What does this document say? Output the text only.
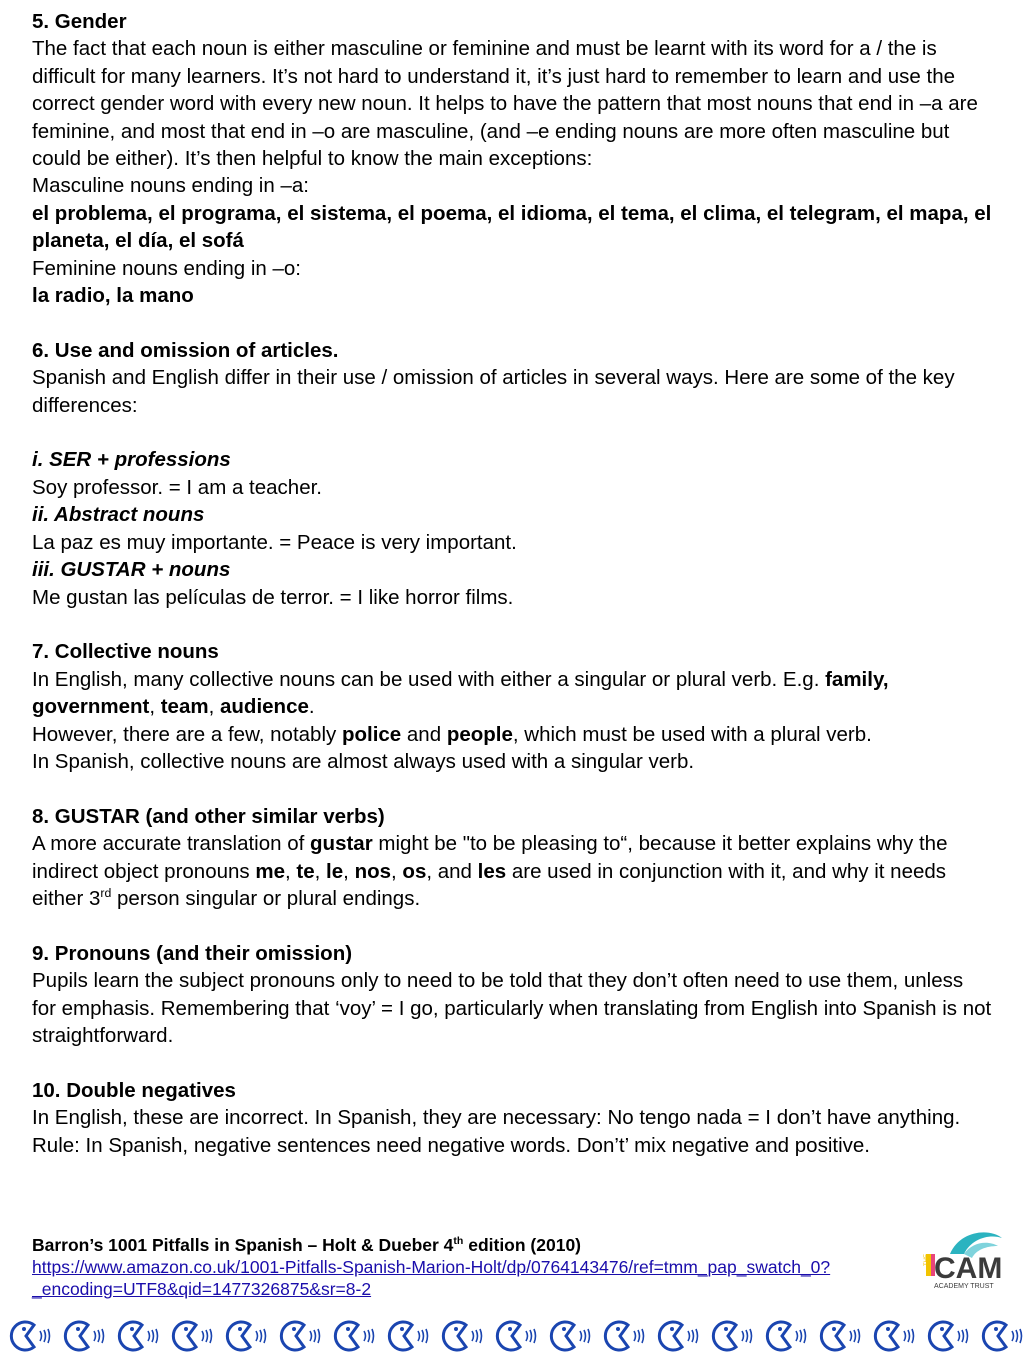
5. Gender

The fact that each noun is either masculine or feminine and must be learnt with its word for a / the is difficult for many learners. It’s not hard to understand it, it’s just hard to remember to learn and use the correct gender word with every new noun. It helps to have the pattern that most nouns that end in –a are feminine, and most that end in –o are masculine, (and –e ending nouns are more often masculine but could be either). It’s then helpful to know the main exceptions:

Masculine nouns ending in –a:

el problema, el programa, el sistema, el poema, el idioma, el tema, el clima, el telegram, el mapa, el planeta, el día, el sofá

Feminine nouns ending in –o:

la radio, la mano

6. Use and omission of articles.

Spanish and English differ in their use / omission of articles in several ways. Here are some of the key differences:

i. SER + professions

Soy professor. = I am a teacher.

ii. Abstract nouns

La paz es muy importante. = Peace is very important.

iii. GUSTAR + nouns

Me gustan las películas de terror. = I like horror films.

7. Collective nouns

In English, many collective nouns can be used with either a singular or plural verb. E.g. family, government, team, audience.

However, there are a few, notably police and people, which must be used with a plural verb.

In Spanish, collective nouns are almost always used with a singular verb.

8. GUSTAR (and other similar verbs)

A more accurate translation of gustar might be "to be pleasing to“, because it better explains why the indirect object pronouns me, te, le, nos, os, and les are used in conjunction with it, and why it needs either 3rd person singular or plural endings.

9. Pronouns (and their omission)

Pupils learn the subject pronouns only to need to be told that they don’t often need to use them, unless for emphasis. Remembering that ‘voy’ = I go, particularly when translating from English into Spanish is not straightforward.

10. Double negatives

In English, these are incorrect. In Spanish, they are necessary: No tengo nada = I don’t have anything.

Rule: In Spanish, negative sentences need negative words. Don’t’ mix negative and positive.

Barron’s 1001 Pitfalls in Spanish – Holt & Dueber 4th edition (2010)

https://www.amazon.co.uk/1001-Pitfalls-Spanish-Marion-Holt/dp/0764143476/ref=tmm_pap_swatch_0?_encoding=UTF8&qid=1477326875&sr=8-2

THE CAM
ACADEMY TRUST
